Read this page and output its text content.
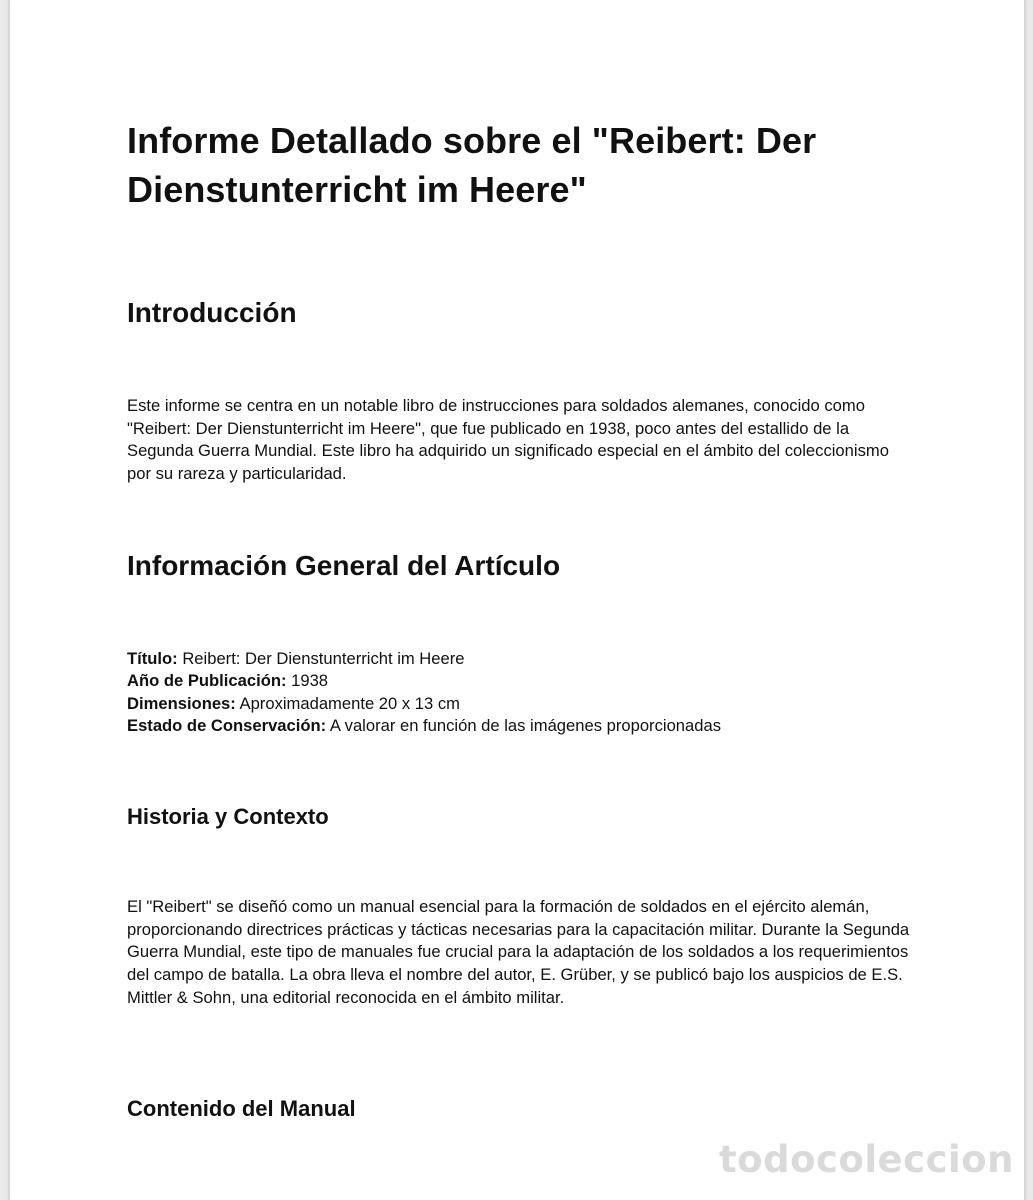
Informe Detallado sobre el "Reibert: Der Dienstunterricht im Heere"
Introducción

Este informe se centra en un notable libro de instrucciones para soldados alemanes, conocido como "Reibert: Der Dienstunterricht im Heere", que fue publicado en 1938, poco antes del estallido de la Segunda Guerra Mundial. Este libro ha adquirido un significado especial en el ámbito del coleccionismo por su rareza y particularidad.

Información General del Artículo
Título: Reibert: Der Dienstunterricht im Heere
Año de Publicación: 1938
Dimensiones: Aproximadamente 20 x 13 cm
Estado de Conservación: A valorar en función de las imágenes proporcionadas
Historia y Contexto

El "Reibert" se diseñó como un manual esencial para la formación de soldados en el ejército alemán, proporcionando directrices prácticas y tácticas necesarias para la capacitación militar. Durante la Segunda Guerra Mundial, este tipo de manuales fue crucial para la adaptación de los soldados a los requerimientos del campo de batalla. La obra lleva el nombre del autor, E. Grüber, y se publicó bajo los auspicios de E.S. Mittler & Sohn, una editorial reconocida en el ámbito militar.

Contenido del Manual
todocoleccion
